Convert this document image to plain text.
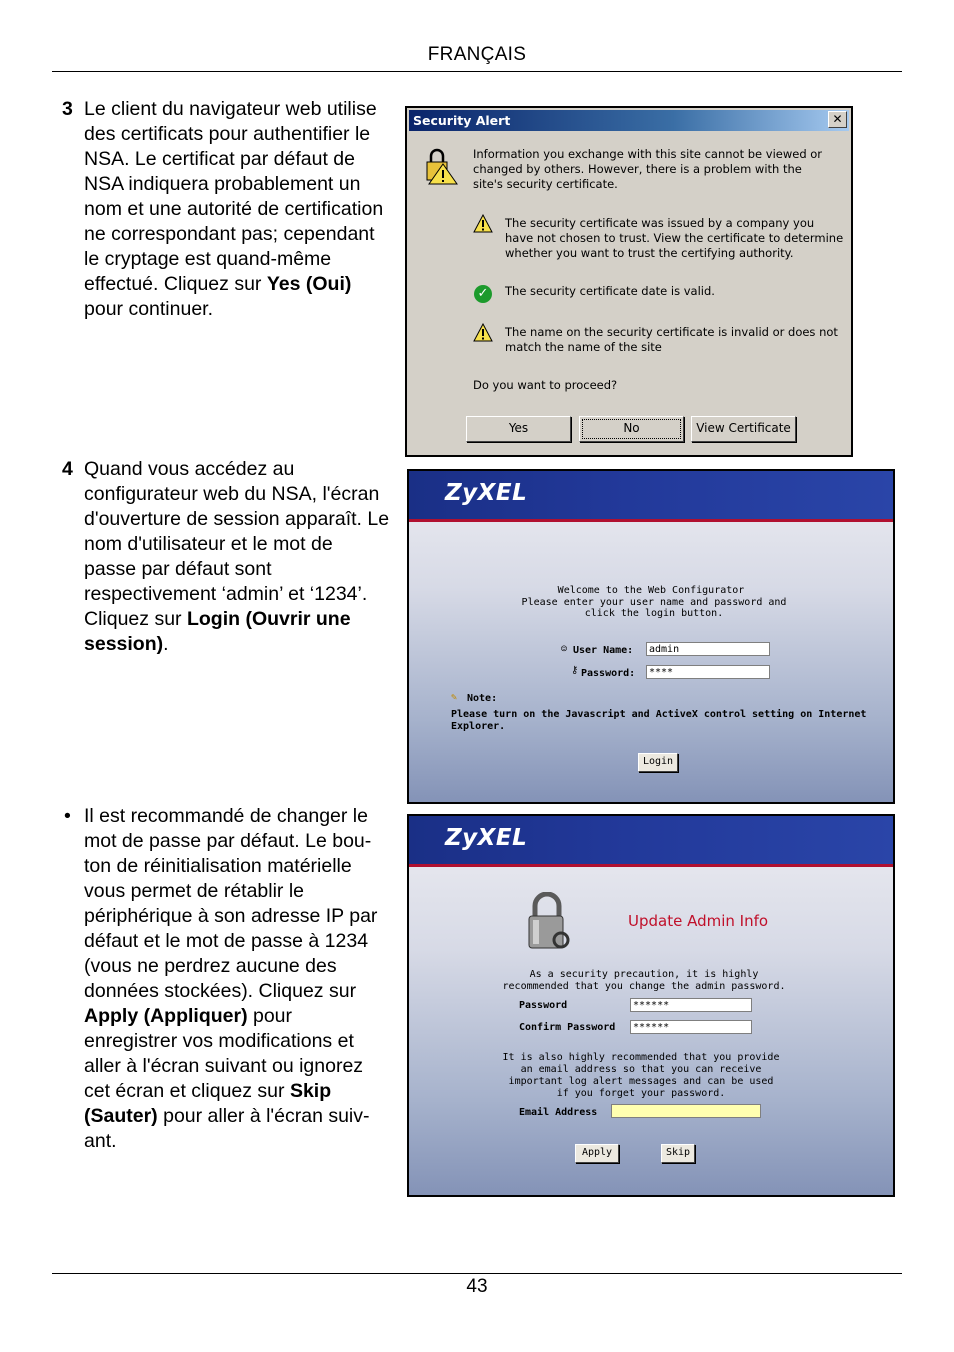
FRANÇAIS
3 Le client du navigateur web utilise des certificats pour authentifier le NSA. Le certificat par défaut de NSA indiquera probablement un nom et une autorité de certification ne correspondant pas; cependant le cryptage est quand-même effectué. Cliquez sur Yes (Oui) pour continuer.
4 Quand vous accédez au configurateur web du NSA, l'écran d'ouverture de session apparaît. Le nom d'utilisateur et le mot de passe par défaut sont respectivement ‘admin’ et ‘1234’. Cliquez sur Login (Ouvrir une session).
• Il est recommandé de changer le mot de passe par défaut. Le bou-ton de réinitialisation matérielle vous permet de rétablir le périphérique à son adresse IP par défaut et le mot de passe à 1234 (vous ne perdrez aucune des données stockées). Cliquez sur Apply (Appliquer) pour enregistrer vos modifications et aller à l'écran suivant ou ignorez cet écran et cliquez sur Skip (Sauter) pour aller à l'écran suiv-ant.
Security Alert	✕
Information you exchange with this site cannot be viewed or changed by others. However, there is a problem with the site's security certificate.
The security certificate was issued by a company you have not chosen to trust. View the certificate to determine whether you want to trust the certifying authority.
✓	The security certificate date is valid.
The name on the security certificate is invalid or does not match the name of the site
Do you want to proceed?
Yes	No	View Certificate
ZyXEL
Welcome to the Web Configurator
Please enter your user name and password and click the login button.
☺ User Name:	admin
⚷ Password:	****
✎ Note:
Please turn on the Javascript and ActiveX control setting on Internet Explorer.
Login
ZyXEL
Update Admin Info
As a security precaution, it is highly recommended that you change the admin password.
Password	******
Confirm Password	******
It is also highly recommended that you provide an email address so that you can receive important log alert messages and can be used if you forget your password.
Email Address
Apply	Skip
43
